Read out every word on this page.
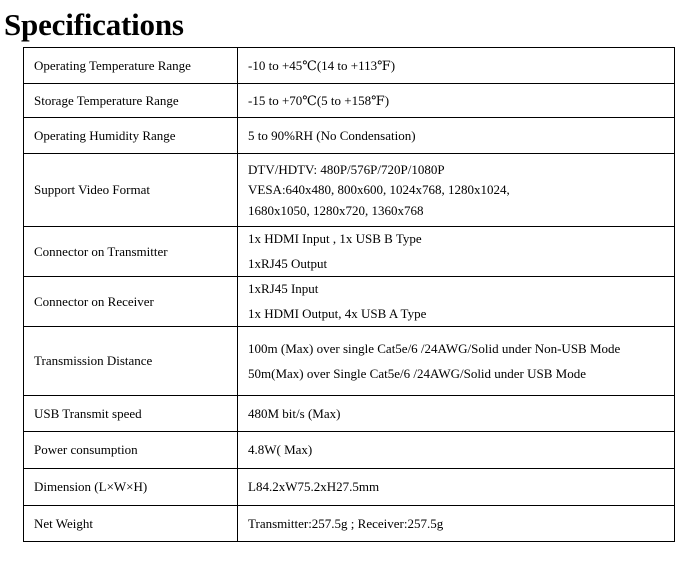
Specifications
Operating Temperature Range	-10 to +45℃(14 to +113℉)

Storage Temperature Range	-15 to +70℃(5 to +158℉)

Operating Humidity Range	5 to 90%RH (No Condensation)

Support Video Format	DTV/HDTV: 480P/576P/720P/1080P
VESA:640x480, 800x600, 1024x768, 1280x1024,
1680x1050, 1280x720, 1360x768

Connector on Transmitter	1x HDMI Input , 1x USB B Type
1xRJ45 Output

Connector on Receiver	1xRJ45 Input
1x HDMI Output, 4x USB A Type

Transmission Distance	100m (Max) over single Cat5e/6 /24AWG/Solid under Non-USB Mode
50m(Max) over Single Cat5e/6 /24AWG/Solid under USB Mode

USB Transmit speed	480M bit/s (Max)

Power consumption	4.8W( Max)

Dimension (L×W×H)	L84.2xW75.2xH27.5mm

Net Weight	Transmitter:257.5g ; Receiver:257.5g
